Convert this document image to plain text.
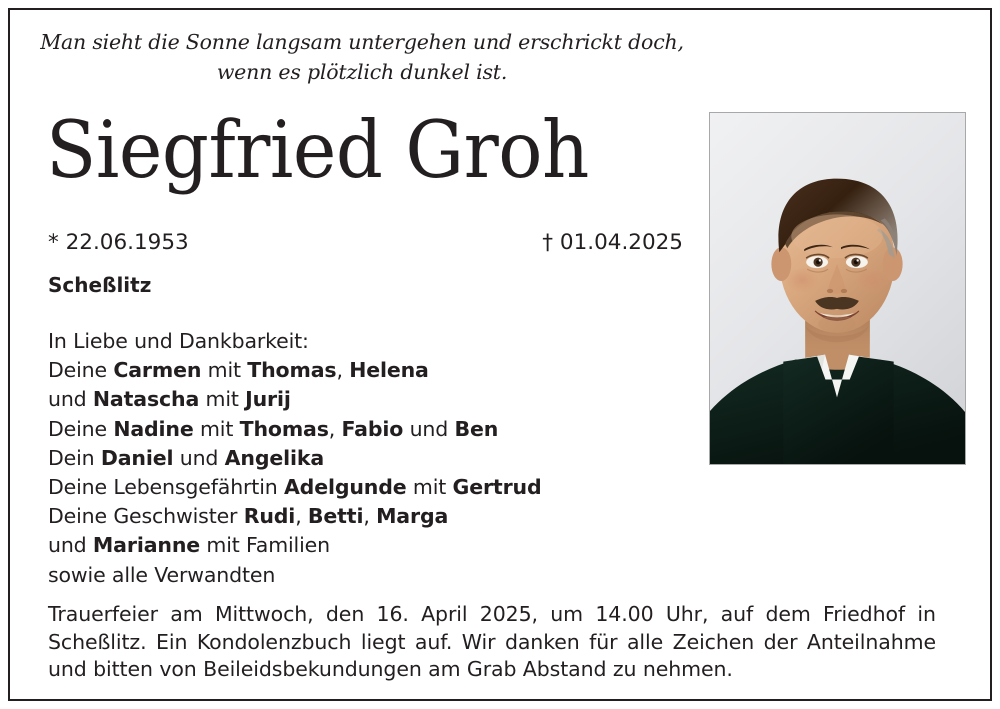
Man sieht die Sonne langsam untergehen und erschrickt doch,
wenn es plötzlich dunkel ist.
Siegfried Groh
* 22.06.1953	† 01.04.2025
Scheßlitz
In Liebe und Dankbarkeit:
Deine Carmen mit Thomas, Helena
und Natascha mit Jurij
Deine Nadine mit Thomas, Fabio und Ben
Dein Daniel und Angelika
Deine Lebensgefährtin Adelgunde mit Gertrud
Deine Geschwister Rudi, Betti, Marga
und Marianne mit Familien
sowie alle Verwandten
Trauerfeier am Mittwoch, den 16. April 2025, um 14.00 Uhr, auf dem Friedhof in
Scheßlitz. Ein Kondolenzbuch liegt auf. Wir danken für alle Zeichen der Anteilnahme
und bitten von Beileidsbekundungen am Grab Abstand zu nehmen.
